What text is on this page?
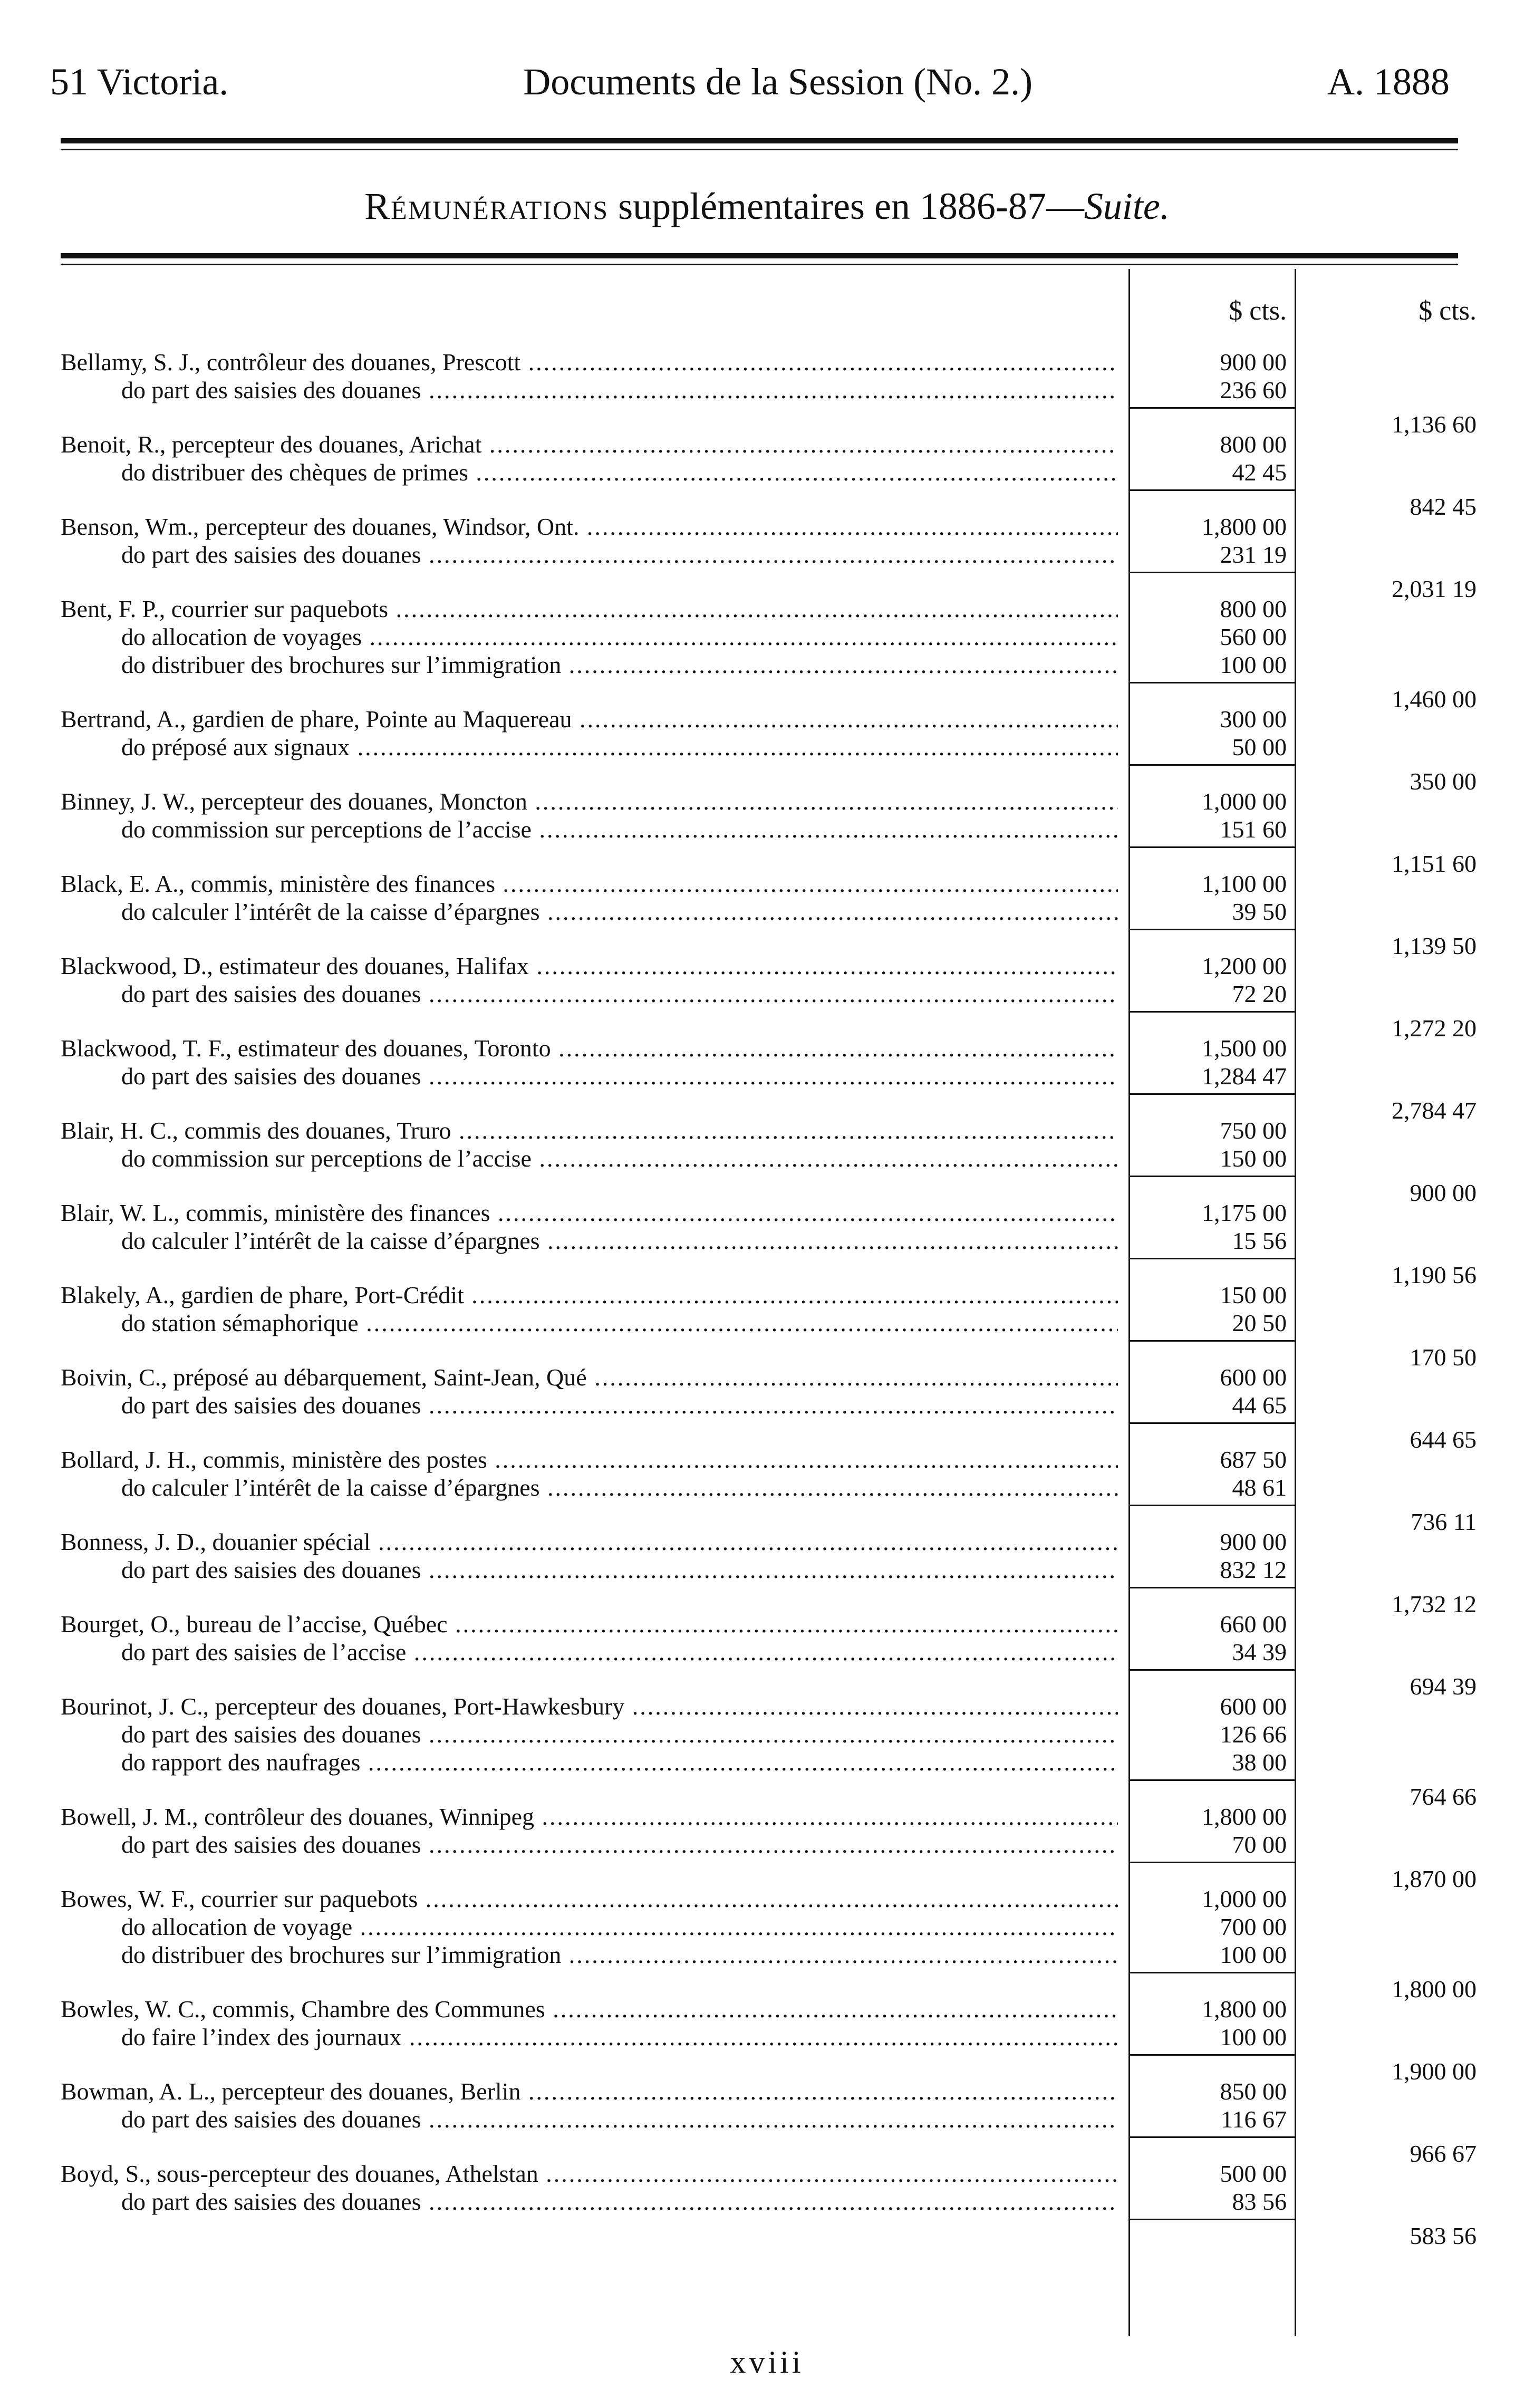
51 Victoria.	Documents de la Session (No. 2.)	A. 1888
Rémunérations supplémentaires en 1886-87—Suite.
$ cts.	$ cts.
Bellamy, S. J., contrôleur des douanes, Prescott .....	900 00
do part des saisies des douanes .....	236 60
1,136 60
Benoit, R., percepteur des douanes, Arichat .....	800 00
do distribuer des chèques de primes .....	42 45
842 45
Benson, Wm., percepteur des douanes, Windsor, Ont. .....	1,800 00
do part des saisies des douanes .....	231 19
2,031 19
Bent, F. P., courrier sur paquebots .....	800 00
do allocation de voyages .....	560 00
do distribuer des brochures sur l’immigration .....	100 00
1,460 00
Bertrand, A., gardien de phare, Pointe au Maquereau .....	300 00
do préposé aux signaux .....	50 00
350 00
Binney, J. W., percepteur des douanes, Moncton .....	1,000 00
do commission sur perceptions de l’accise .....	151 60
1,151 60
Black, E. A., commis, ministère des finances .....	1,100 00
do calculer l’intérêt de la caisse d’épargnes .....	39 50
1,139 50
Blackwood, D., estimateur des douanes, Halifax .....	1,200 00
do part des saisies des douanes .....	72 20
1,272 20
Blackwood, T. F., estimateur des douanes, Toronto .....	1,500 00
do part des saisies des douanes .....	1,284 47
2,784 47
Blair, H. C., commis des douanes, Truro .....	750 00
do commission sur perceptions de l’accise .....	150 00
900 00
Blair, W. L., commis, ministère des finances .....	1,175 00
do calculer l’intérêt de la caisse d’épargnes .....	15 56
1,190 56
Blakely, A., gardien de phare, Port-Crédit .....	150 00
do station sémaphorique .....	20 50
170 50
Boivin, C., préposé au débarquement, Saint-Jean, Qué .....	600 00
do part des saisies des douanes .....	44 65
644 65
Bollard, J. H., commis, ministère des postes .....	687 50
do calculer l’intérêt de la caisse d’épargnes .....	48 61
736 11
Bonness, J. D., douanier spécial .....	900 00
do part des saisies des douanes .....	832 12
1,732 12
Bourget, O., bureau de l’accise, Québec .....	660 00
do part des saisies de l’accise .....	34 39
694 39
Bourinot, J. C., percepteur des douanes, Port-Hawkesbury .....	600 00
do part des saisies des douanes .....	126 66
do rapport des naufrages .....	38 00
764 66
Bowell, J. M., contrôleur des douanes, Winnipeg .....	1,800 00
do part des saisies des douanes .....	70 00
1,870 00
Bowes, W. F., courrier sur paquebots .....	1,000 00
do allocation de voyage .....	700 00
do distribuer des brochures sur l’immigration .....	100 00
1,800 00
Bowles, W. C., commis, Chambre des Communes .....	1,800 00
do faire l’index des journaux .....	100 00
1,900 00
Bowman, A. L., percepteur des douanes, Berlin .....	850 00
do part des saisies des douanes .....	116 67
966 67
Boyd, S., sous-percepteur des douanes, Athelstan .....	500 00
do part des saisies des douanes .....	83 56
583 56
xviii
